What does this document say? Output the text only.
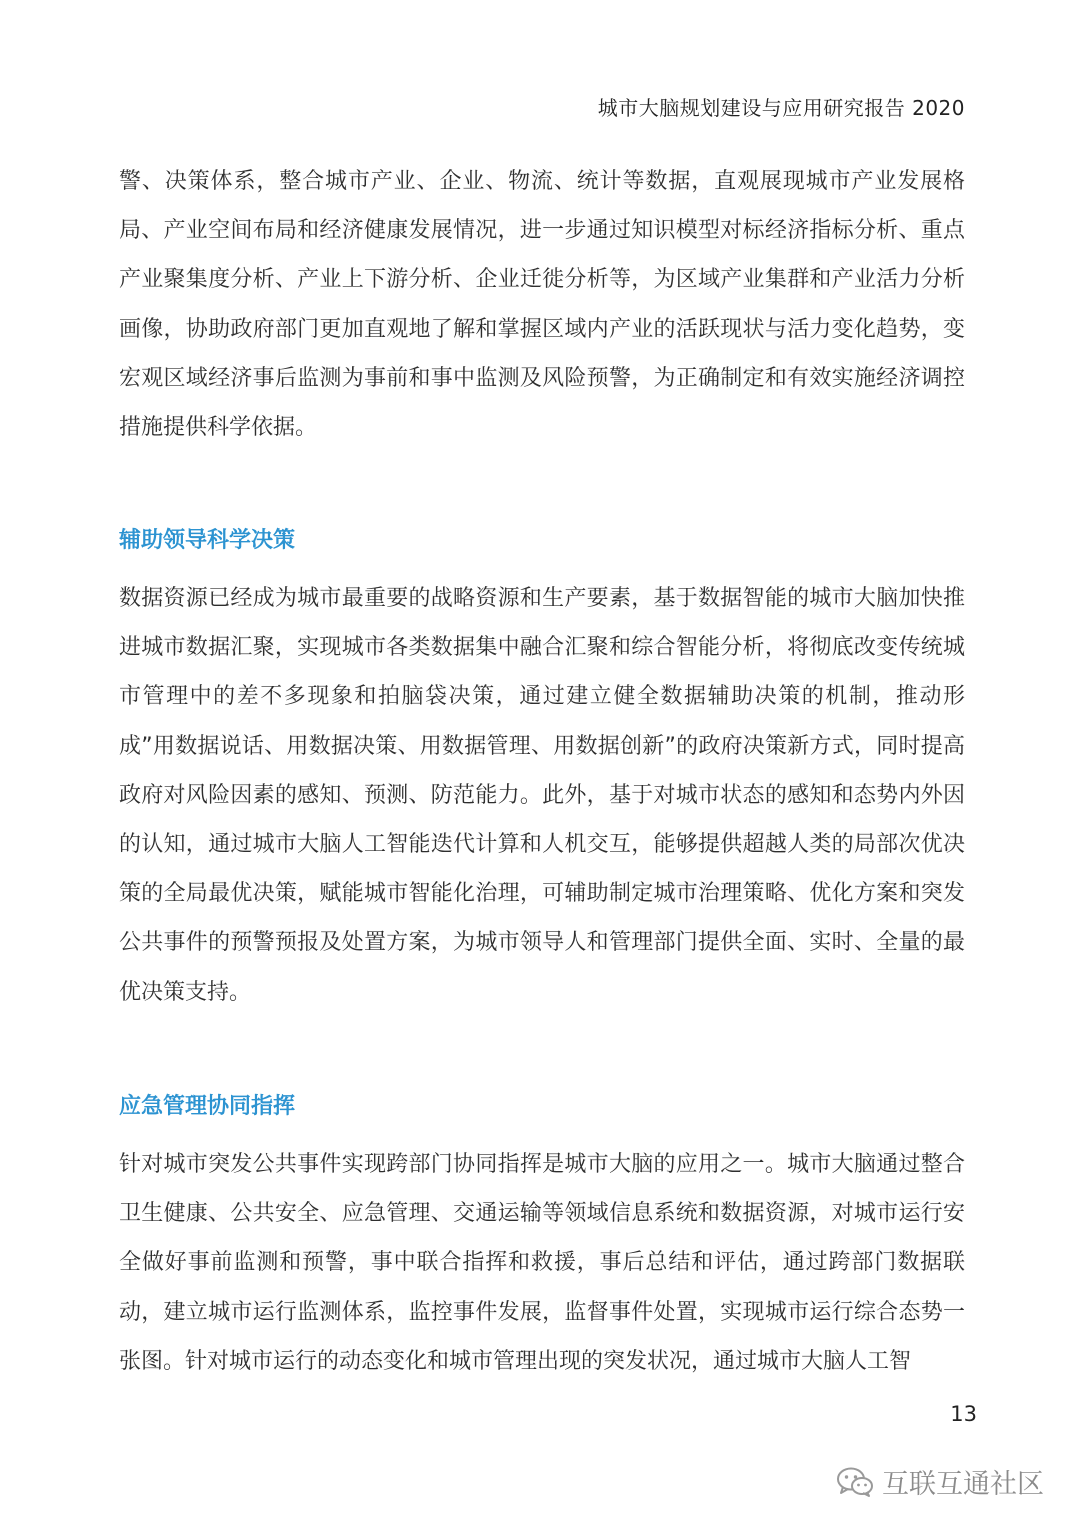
城市大脑规划建设与应用研究报告 2020

警、决策体系，整合城市产业、企业、物流、统计等数据，直观展现城市产业发展格局、产业空间布局和经济健康发展情况，进一步通过知识模型对标经济指标分析、重点产业聚集度分析、产业上下游分析、企业迁徙分析等，为区域产业集群和产业活力分析画像，协助政府部门更加直观地了解和掌握区域内产业的活跃现状与活力变化趋势，变宏观区域经济事后监测为事前和事中监测及风险预警，为正确制定和有效实施经济调控措施提供科学依据。

辅助领导科学决策

数据资源已经成为城市最重要的战略资源和生产要素，基于数据智能的城市大脑加快推进城市数据汇聚，实现城市各类数据集中融合汇聚和综合智能分析，将彻底改变传统城市管理中的差不多现象和拍脑袋决策，通过建立健全数据辅助决策的机制，推动形成”用数据说话、用数据决策、用数据管理、用数据创新”的政府决策新方式，同时提高政府对风险因素的感知、预测、防范能力。此外，基于对城市状态的感知和态势内外因的认知，通过城市大脑人工智能迭代计算和人机交互，能够提供超越人类的局部次优决策的全局最优决策，赋能城市智能化治理，可辅助制定城市治理策略、优化方案和突发公共事件的预警预报及处置方案，为城市领导人和管理部门提供全面、实时、全量的最优决策支持。

应急管理协同指挥

针对城市突发公共事件实现跨部门协同指挥是城市大脑的应用之一。城市大脑通过整合卫生健康、公共安全、应急管理、交通运输等领域信息系统和数据资源，对城市运行安全做好事前监测和预警，事中联合指挥和救援，事后总结和评估，通过跨部门数据联动，建立城市运行监测体系，监控事件发展，监督事件处置，实现城市运行综合态势一张图。针对城市运行的动态变化和城市管理出现的突发状况，通过城市大脑人工智

13
互联互通社区
